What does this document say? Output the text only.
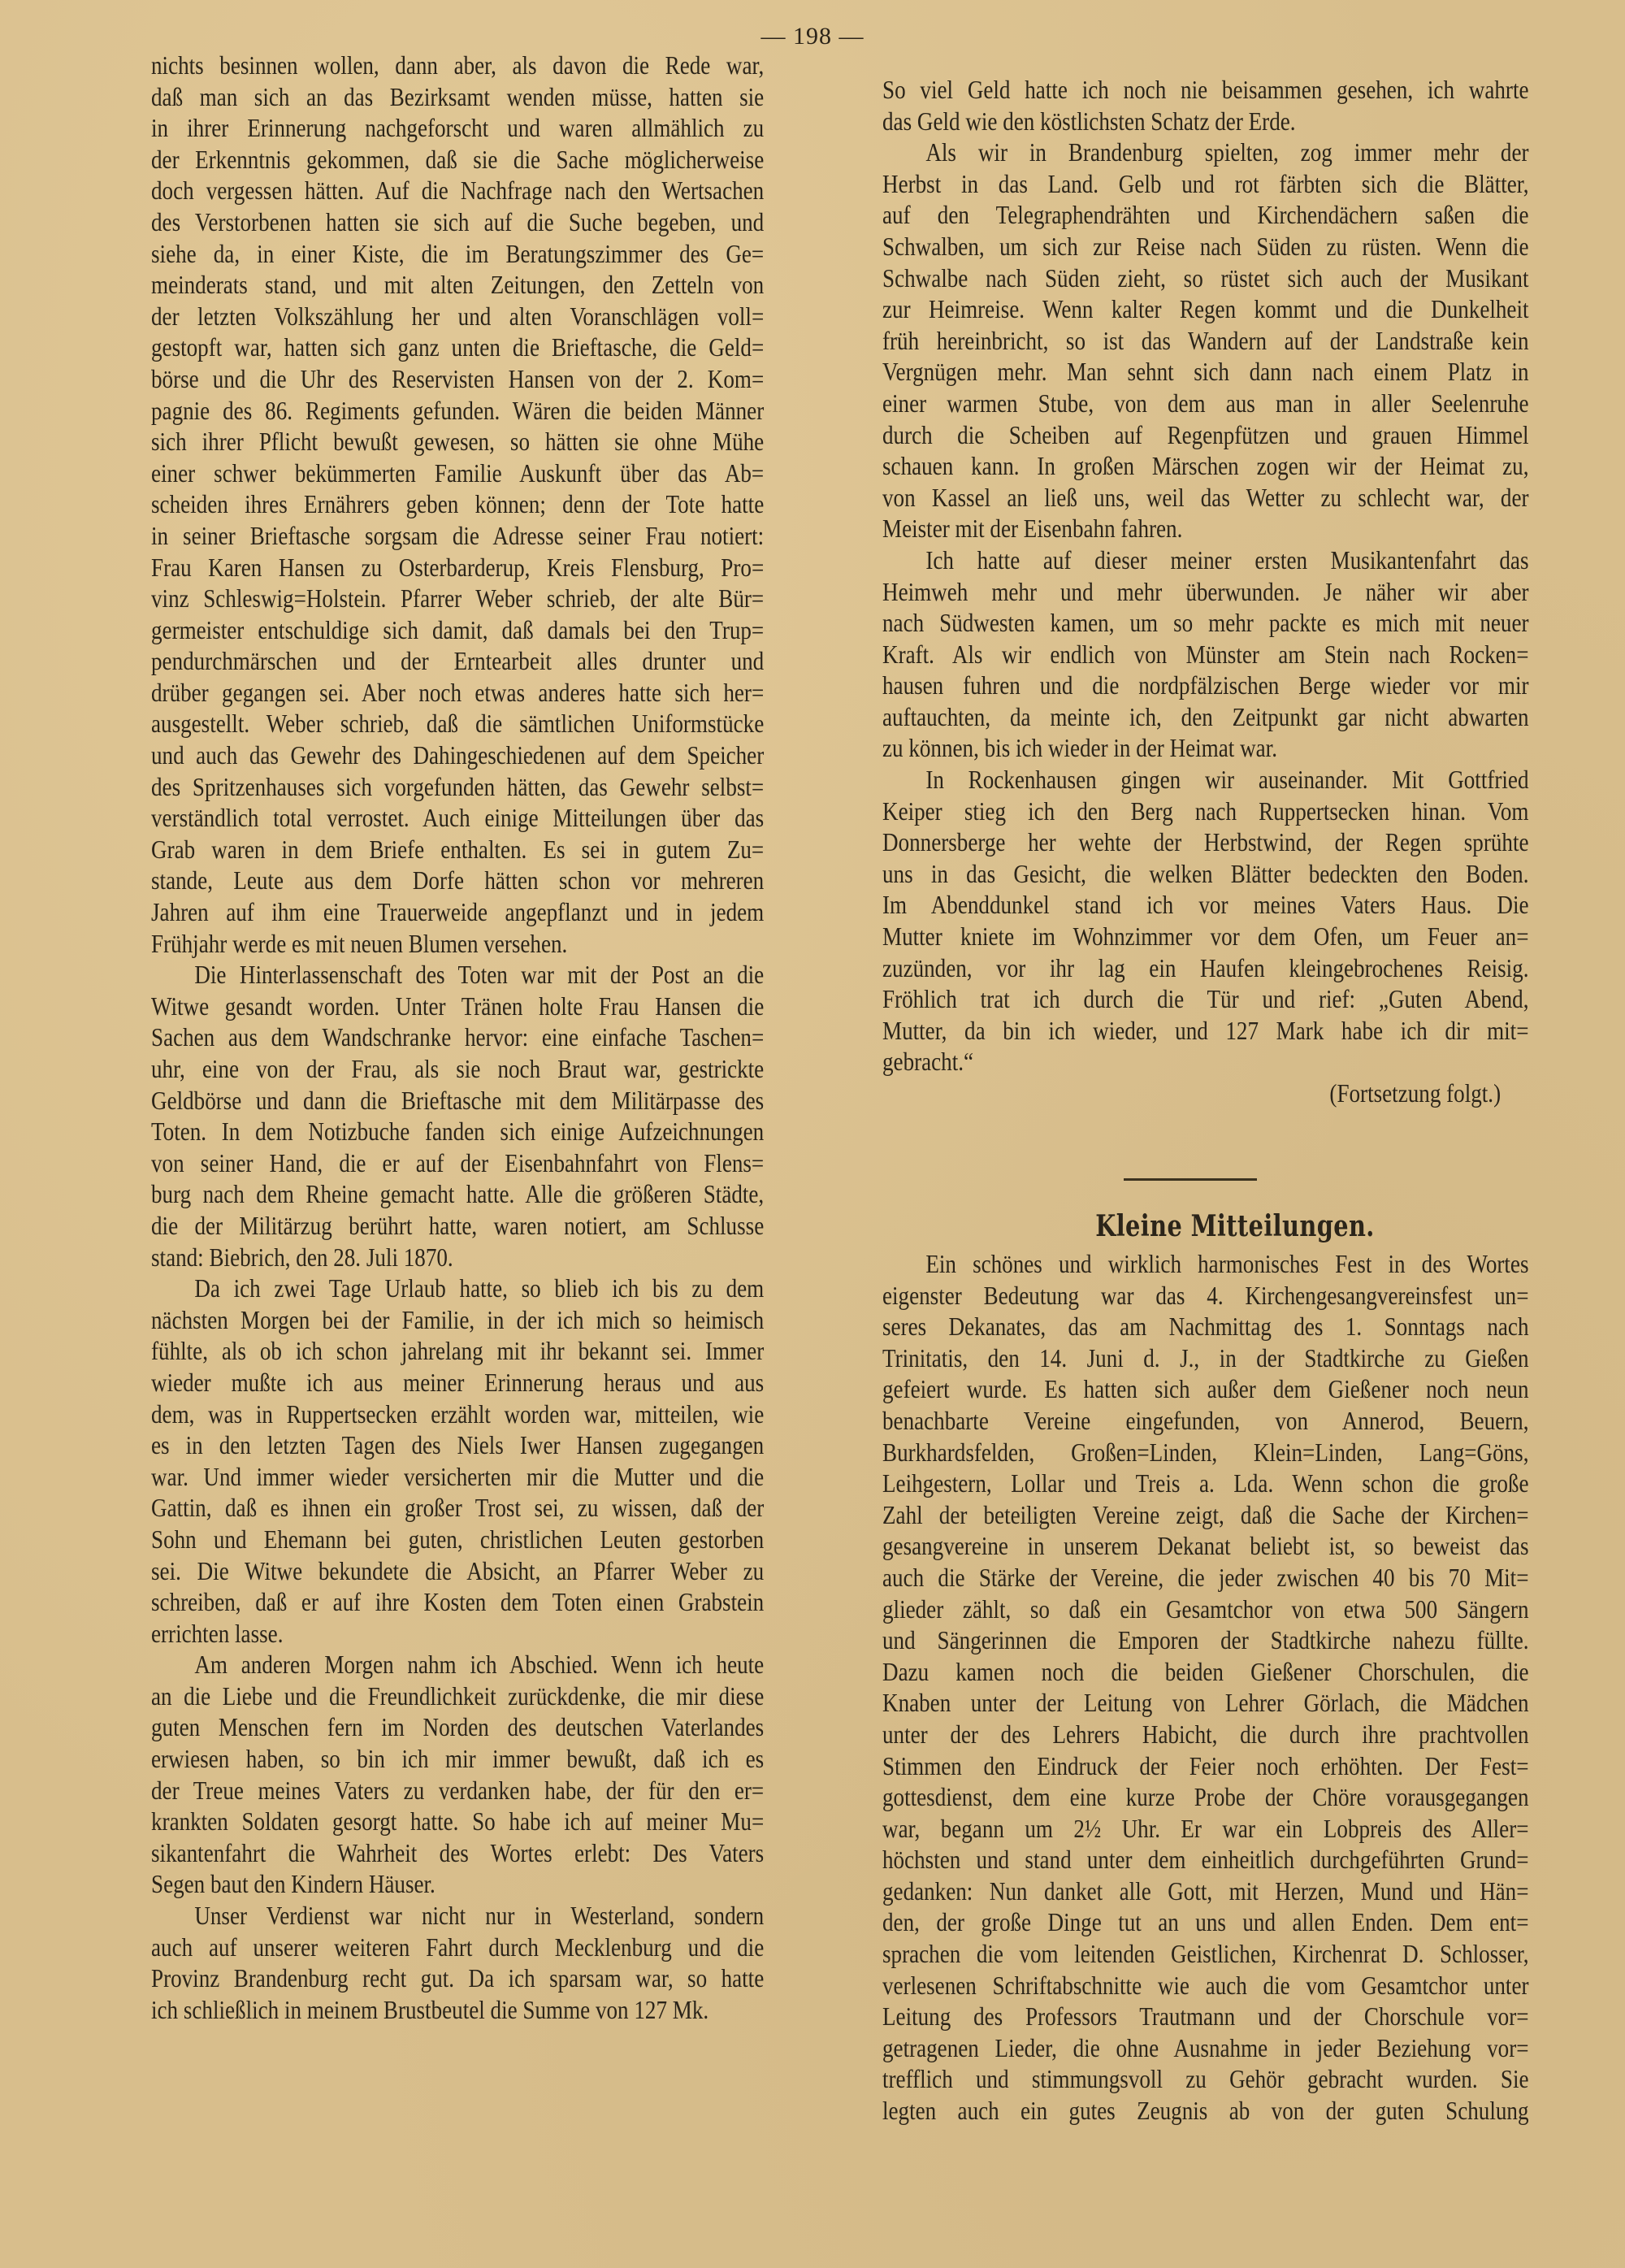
— 198 —
nichts besinnen wollen, dann aber, als davon die Rede war,
daß man sich an das Bezirksamt wenden müsse, hatten sie
in ihrer Erinnerung nachgeforscht und waren allmählich zu
der Erkenntnis gekommen, daß sie die Sache möglicherweise
doch vergessen hätten. Auf die Nachfrage nach den Wertsachen
des Verstorbenen hatten sie sich auf die Suche begeben, und
siehe da, in einer Kiste, die im Beratungszimmer des Ge=
meinderats stand, und mit alten Zeitungen, den Zetteln von
der letzten Volkszählung her und alten Voranschlägen voll=
gestopft war, hatten sich ganz unten die Brieftasche, die Geld=
börse und die Uhr des Reservisten Hansen von der 2. Kom=
pagnie des 86. Regiments gefunden. Wären die beiden Männer
sich ihrer Pflicht bewußt gewesen, so hätten sie ohne Mühe
einer schwer bekümmerten Familie Auskunft über das Ab=
scheiden ihres Ernährers geben können; denn der Tote hatte
in seiner Brieftasche sorgsam die Adresse seiner Frau notiert:
Frau Karen Hansen zu Osterbarderup, Kreis Flensburg, Pro=
vinz Schleswig=Holstein. Pfarrer Weber schrieb, der alte Bür=
germeister entschuldige sich damit, daß damals bei den Trup=
pendurchmärschen und der Erntearbeit alles drunter und
drüber gegangen sei. Aber noch etwas anderes hatte sich her=
ausgestellt. Weber schrieb, daß die sämtlichen Uniformstücke
und auch das Gewehr des Dahingeschiedenen auf dem Speicher
des Spritzenhauses sich vorgefunden hätten, das Gewehr selbst=
verständlich total verrostet. Auch einige Mitteilungen über das
Grab waren in dem Briefe enthalten. Es sei in gutem Zu=
stande, Leute aus dem Dorfe hätten schon vor mehreren
Jahren auf ihm eine Trauerweide angepflanzt und in jedem
Frühjahr werde es mit neuen Blumen versehen.
Die Hinterlassenschaft des Toten war mit der Post an die
Witwe gesandt worden. Unter Tränen holte Frau Hansen die
Sachen aus dem Wandschranke hervor: eine einfache Taschen=
uhr, eine von der Frau, als sie noch Braut war, gestrickte
Geldbörse und dann die Brieftasche mit dem Militärpasse des
Toten. In dem Notizbuche fanden sich einige Aufzeichnungen
von seiner Hand, die er auf der Eisenbahnfahrt von Flens=
burg nach dem Rheine gemacht hatte. Alle die größeren Städte,
die der Militärzug berührt hatte, waren notiert, am Schlusse
stand: Biebrich, den 28. Juli 1870.
Da ich zwei Tage Urlaub hatte, so blieb ich bis zu dem
nächsten Morgen bei der Familie, in der ich mich so heimisch
fühlte, als ob ich schon jahrelang mit ihr bekannt sei. Immer
wieder mußte ich aus meiner Erinnerung heraus und aus
dem, was in Ruppertsecken erzählt worden war, mitteilen, wie
es in den letzten Tagen des Niels Iwer Hansen zugegangen
war. Und immer wieder versicherten mir die Mutter und die
Gattin, daß es ihnen ein großer Trost sei, zu wissen, daß der
Sohn und Ehemann bei guten, christlichen Leuten gestorben
sei. Die Witwe bekundete die Absicht, an Pfarrer Weber zu
schreiben, daß er auf ihre Kosten dem Toten einen Grabstein
errichten lasse.
Am anderen Morgen nahm ich Abschied. Wenn ich heute
an die Liebe und die Freundlichkeit zurückdenke, die mir diese
guten Menschen fern im Norden des deutschen Vaterlandes
erwiesen haben, so bin ich mir immer bewußt, daß ich es
der Treue meines Vaters zu verdanken habe, der für den er=
krankten Soldaten gesorgt hatte. So habe ich auf meiner Mu=
sikantenfahrt die Wahrheit des Wortes erlebt: Des Vaters
Segen baut den Kindern Häuser.
Unser Verdienst war nicht nur in Westerland, sondern
auch auf unserer weiteren Fahrt durch Mecklenburg und die
Provinz Brandenburg recht gut. Da ich sparsam war, so hatte
ich schließlich in meinem Brustbeutel die Summe von 127 Mk.
So viel Geld hatte ich noch nie beisammen gesehen, ich wahrte
das Geld wie den köstlichsten Schatz der Erde.
Als wir in Brandenburg spielten, zog immer mehr der
Herbst in das Land. Gelb und rot färbten sich die Blätter,
auf den Telegraphendrähten und Kirchendächern saßen die
Schwalben, um sich zur Reise nach Süden zu rüsten. Wenn die
Schwalbe nach Süden zieht, so rüstet sich auch der Musikant
zur Heimreise. Wenn kalter Regen kommt und die Dunkelheit
früh hereinbricht, so ist das Wandern auf der Landstraße kein
Vergnügen mehr. Man sehnt sich dann nach einem Platz in
einer warmen Stube, von dem aus man in aller Seelenruhe
durch die Scheiben auf Regenpfützen und grauen Himmel
schauen kann. In großen Märschen zogen wir der Heimat zu,
von Kassel an ließ uns, weil das Wetter zu schlecht war, der
Meister mit der Eisenbahn fahren.
Ich hatte auf dieser meiner ersten Musikantenfahrt das
Heimweh mehr und mehr überwunden. Je näher wir aber
nach Südwesten kamen, um so mehr packte es mich mit neuer
Kraft. Als wir endlich von Münster am Stein nach Rocken=
hausen fuhren und die nordpfälzischen Berge wieder vor mir
auftauchten, da meinte ich, den Zeitpunkt gar nicht abwarten
zu können, bis ich wieder in der Heimat war.
In Rockenhausen gingen wir auseinander. Mit Gottfried
Keiper stieg ich den Berg nach Ruppertsecken hinan. Vom
Donnersberge her wehte der Herbstwind, der Regen sprühte
uns in das Gesicht, die welken Blätter bedeckten den Boden.
Im Abenddunkel stand ich vor meines Vaters Haus. Die
Mutter kniete im Wohnzimmer vor dem Ofen, um Feuer an=
zuzünden, vor ihr lag ein Haufen kleingebrochenes Reisig.
Fröhlich trat ich durch die Tür und rief: „Guten Abend,
Mutter, da bin ich wieder, und 127 Mark habe ich dir mit=
gebracht.“
(Fortsetzung folgt.)
Kleine Mitteilungen.
Ein schönes und wirklich harmonisches Fest in des Wortes
eigenster Bedeutung war das 4. Kirchengesangvereinsfest un=
seres Dekanates, das am Nachmittag des 1. Sonntags nach
Trinitatis, den 14. Juni d. J., in der Stadtkirche zu Gießen
gefeiert wurde. Es hatten sich außer dem Gießener noch neun
benachbarte Vereine eingefunden, von Annerod, Beuern,
Burkhardsfelden, Großen=Linden, Klein=Linden, Lang=Göns,
Leihgestern, Lollar und Treis a. Lda. Wenn schon die große
Zahl der beteiligten Vereine zeigt, daß die Sache der Kirchen=
gesangvereine in unserem Dekanat beliebt ist, so beweist das
auch die Stärke der Vereine, die jeder zwischen 40 bis 70 Mit=
glieder zählt, so daß ein Gesamtchor von etwa 500 Sängern
und Sängerinnen die Emporen der Stadtkirche nahezu füllte.
Dazu kamen noch die beiden Gießener Chorschulen, die
Knaben unter der Leitung von Lehrer Görlach, die Mädchen
unter der des Lehrers Habicht, die durch ihre prachtvollen
Stimmen den Eindruck der Feier noch erhöhten. Der Fest=
gottesdienst, dem eine kurze Probe der Chöre vorausgegangen
war, begann um 2½ Uhr. Er war ein Lobpreis des Aller=
höchsten und stand unter dem einheitlich durchgeführten Grund=
gedanken: Nun danket alle Gott, mit Herzen, Mund und Hän=
den, der große Dinge tut an uns und allen Enden. Dem ent=
sprachen die vom leitenden Geistlichen, Kirchenrat D. Schlosser,
verlesenen Schriftabschnitte wie auch die vom Gesamtchor unter
Leitung des Professors Trautmann und der Chorschule vor=
getragenen Lieder, die ohne Ausnahme in jeder Beziehung vor=
trefflich und stimmungsvoll zu Gehör gebracht wurden. Sie
legten auch ein gutes Zeugnis ab von der guten Schulung
